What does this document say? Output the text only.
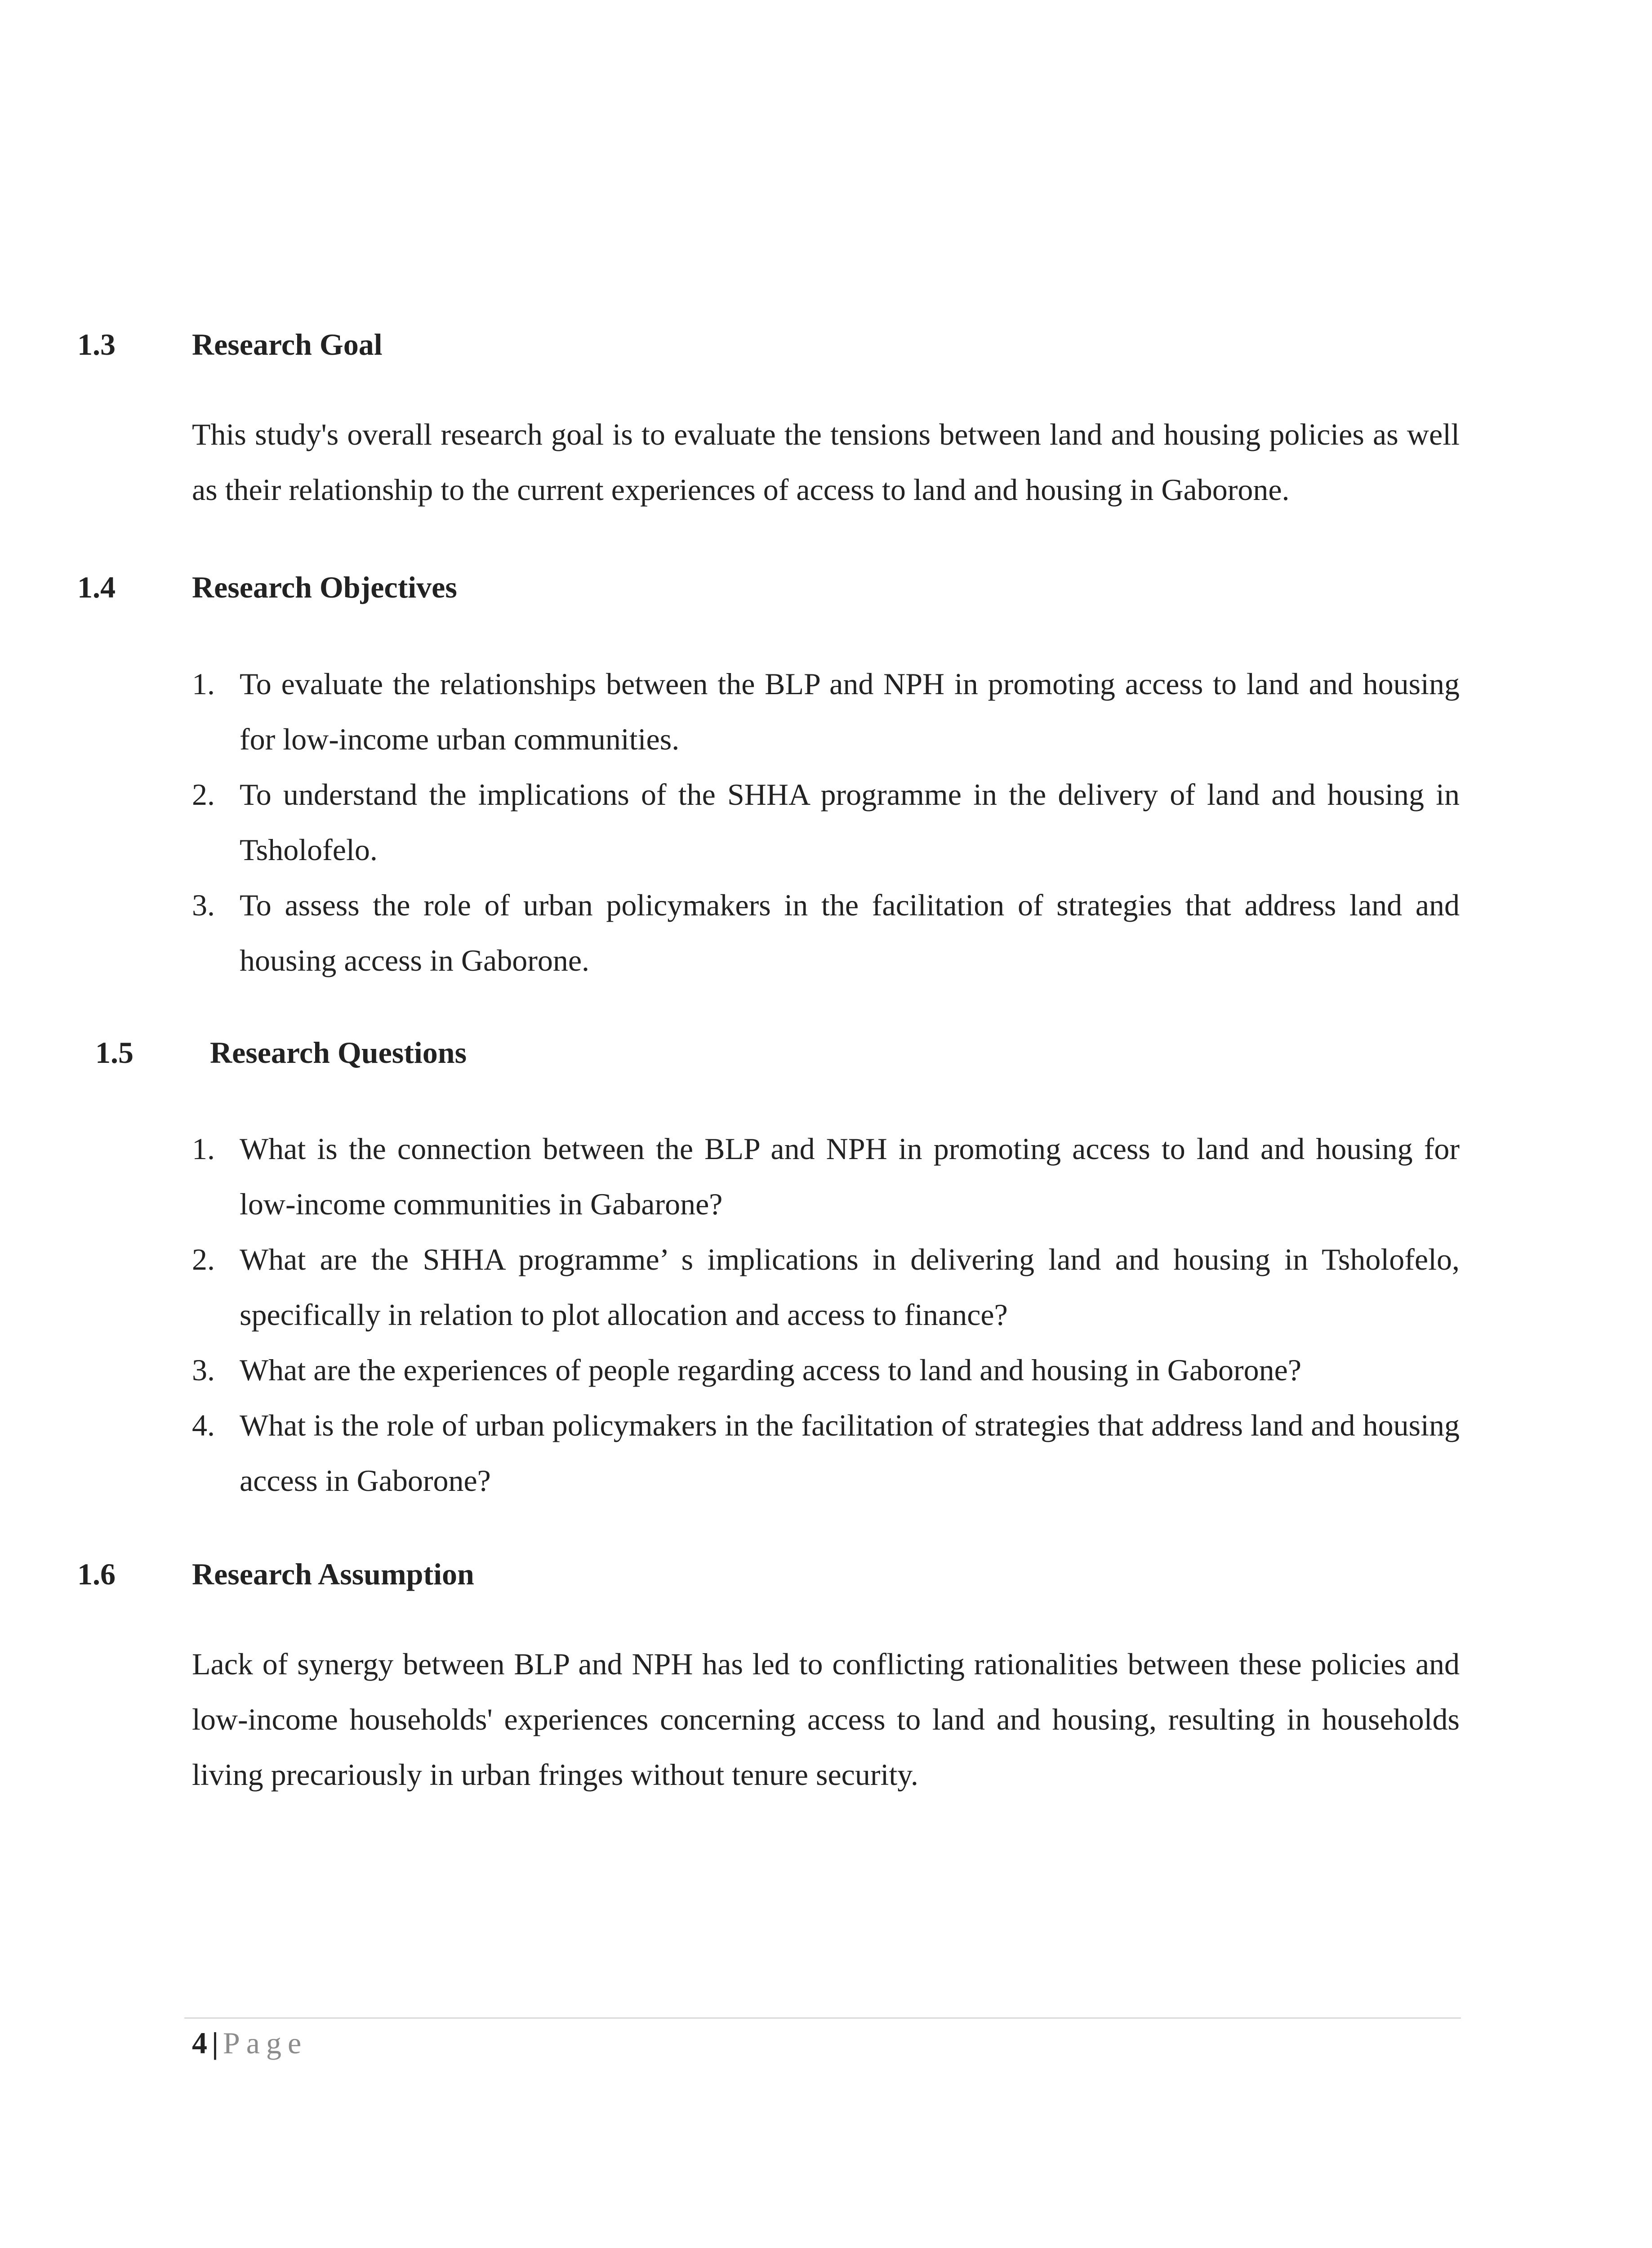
1.3	Research Goal

This study's overall research goal is to evaluate the tensions between land and housing policies as well as their relationship to the current experiences of access to land and housing in Gaborone.

1.4	Research Objectives
1. To evaluate the relationships between the BLP and NPH in promoting access to land and housing for low-income urban communities.
2. To understand the implications of the SHHA programme in the delivery of land and housing in Tsholofelo.
3. To assess the role of urban policymakers in the facilitation of strategies that address land and housing access in Gaborone.
1.5	Research Questions
1. What is the connection between the BLP and NPH in promoting access to land and housing for low-income communities in Gabarone?
2. What are the SHHA programme’ s implications in delivering land and housing in Tsholofelo, specifically in relation to plot allocation and access to finance?
3. What are the experiences of people regarding access to land and housing in Gaborone?
4. What is the role of urban policymakers in the facilitation of strategies that address land and housing access in Gaborone?
1.6	Research Assumption

Lack of synergy between BLP and NPH has led to conflicting rationalities between these policies and low-income households' experiences concerning access to land and housing, resulting in households living precariously in urban fringes without tenure security.

4 | Page
